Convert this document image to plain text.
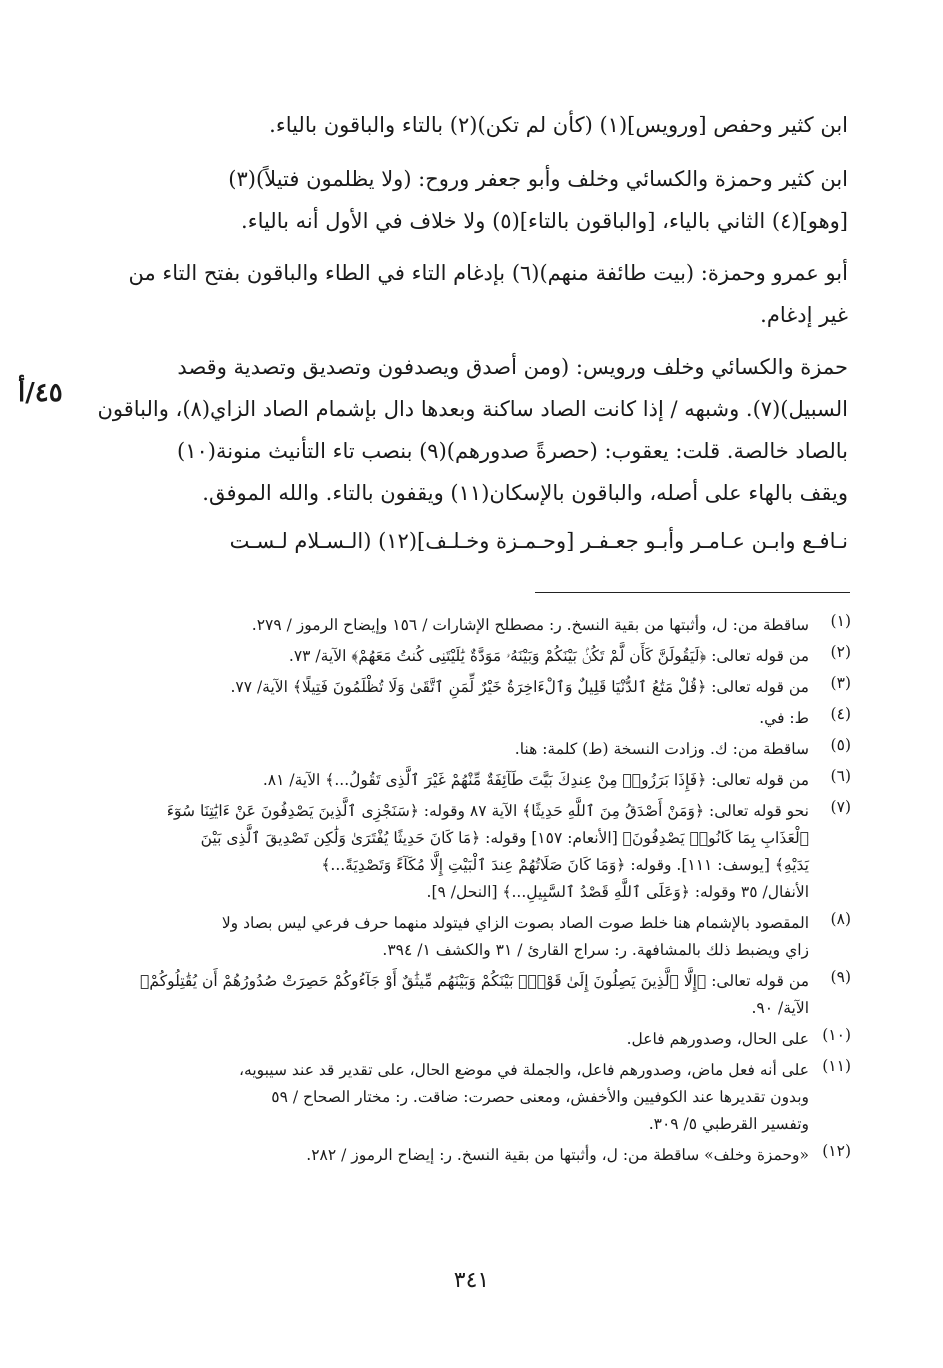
ابن كثير وحفص [ورويس](١) (كأن لم تكن)(٢) بالتاء والباقون بالياء.
ابن كثير وحمزة والكسائي وخلف وأبو جعفر وروح: (ولا يظلمون فتيلاً)(٣)
[وهو](٤) الثاني بالياء، [والباقون بالتاء](٥) ولا خلاف في الأول أنه بالياء.
أبو عمرو وحمزة: (بيت طائفة منهم)(٦) بإدغام التاء في الطاء والباقون بفتح التاء من
غير إدغام.
حمزة والكسائي وخلف ورويس: (ومن أصدق ويصدفون وتصديق وتصدية وقصد
السبيل)(٧). وشبهه / إذا كانت الصاد ساكنة وبعدها دال بإشمام الصاد الزاي(٨)، والباقون
بالصاد خالصة. قلت: يعقوب: (حصرةً صدورهم)(٩) بنصب تاء التأنيث منونة(١٠)
ويقف بالهاء على أصله، والباقون بالإسكان(١١) ويقفون بالتاء. والله الموفق.
نـافـع وابـن عـامـر وأبـو جعـفـر [وحـمـزة وخـلـف](١٢) (الـسـلام لـسـت
٤٥/أ
(١)
ساقطة من: ل، وأثبتها من بقية النسخ. ر: مصطلح الإشارات / ١٥٦ وإيضاح الرموز / ٢٧٩.
(٢)
من قوله تعالى: ﴿لَيَقُولَنَّ كَأَن لَّمْ تَكُنۢ بَيْنَكُمْ وَبَيْنَهُۥ مَوَدَّةٌ يَٰلَيْتَنِى كُنتُ مَعَهُمْ﴾ الآية/ ٧٣.
(٣)
من قوله تعالى: ﴿قُلْ مَتَٰعُ ٱلدُّنْيَا قَلِيلٌ وَٱلْءَاخِرَةُ خَيْرٌ لِّمَنِ ٱتَّقَىٰ وَلَا تُظْلَمُونَ فَتِيلًا﴾ الآية/ ٧٧.
(٤)
ط: في.
(٥)
ساقطة من: ك. وزادت النسخة (ط) كلمة: هنا.
(٦)
من قوله تعالى: ﴿فَإِذَا بَرَزُوا۟ مِنْ عِندِكَ بَيَّتَ طَآئِفَةٌ مِّنْهُمْ غَيْرَ ٱلَّذِى تَقُولُ...﴾ الآية/ ٨١.
(٧)
نحو قوله تعالى: ﴿وَمَنْ أَصْدَقُ مِنَ ٱللَّهِ حَدِيثًا﴾ الآية ٨٧ وقوله: ﴿سَنَجْزِى ٱلَّذِينَ يَصْدِفُونَ عَنْ ءَايَٰتِنَا سُوٓءَ
ٱلْعَذَابِ بِمَا كَانُوا۟ يَصْدِفُونَ﴾ [الأنعام: ١٥٧] وقوله: ﴿مَا كَانَ حَدِيثًا يُفْتَرَىٰ وَلَٰكِن تَصْدِيقَ ٱلَّذِى بَيْنَ
يَدَيْهِ﴾ [يوسف: ١١١]. وقوله: ﴿وَمَا كَانَ صَلَاتُهُمْ عِندَ ٱلْبَيْتِ إِلَّا مُكَآءً وَتَصْدِيَةً...﴾
الأنفال/ ٣٥ وقوله: ﴿وَعَلَى ٱللَّهِ قَصْدُ ٱلسَّبِيلِ...﴾ [النحل/ ٩].
(٨)
المقصود بالإشمام هنا خلط صوت الصاد بصوت الزاي فيتولد منهما حرف فرعي ليس بصاد ولا
زاي ويضبط ذلك بالمشافهة. ر: سراج القارئ / ٣١ والكشف ١/ ٣٩٤.
(٩)
من قوله تعالى: ﴿إِلَّا ٱلَّذِينَ يَصِلُونَ إِلَىٰ قَوْمٍۭ بَيْنَكُمْ وَبَيْنَهُم مِّيثَٰقٌ أَوْ جَآءُوكُمْ حَصِرَتْ صُدُورُهُمْ أَن يُقَٰتِلُوكُمْ﴾
الآية/ ٩٠.
(١٠)
على الحال، وصدورهم فاعل.
(١١)
على أنه فعل ماض، وصدورهم فاعل، والجملة في موضع الحال، على تقدير قد عند سيبويه،
وبدون تقديرها عند الكوفيين والأخفش، ومعنى حصرت: ضاقت. ر: مختار الصحاح / ٥٩
وتفسير القرطبي ٥/ ٣٠٩.
(١٢)
«وحمزة وخلف» ساقطة من: ل، وأثبتها من بقية النسخ. ر: إيضاح الرموز / ٢٨٢.
٣٤١
